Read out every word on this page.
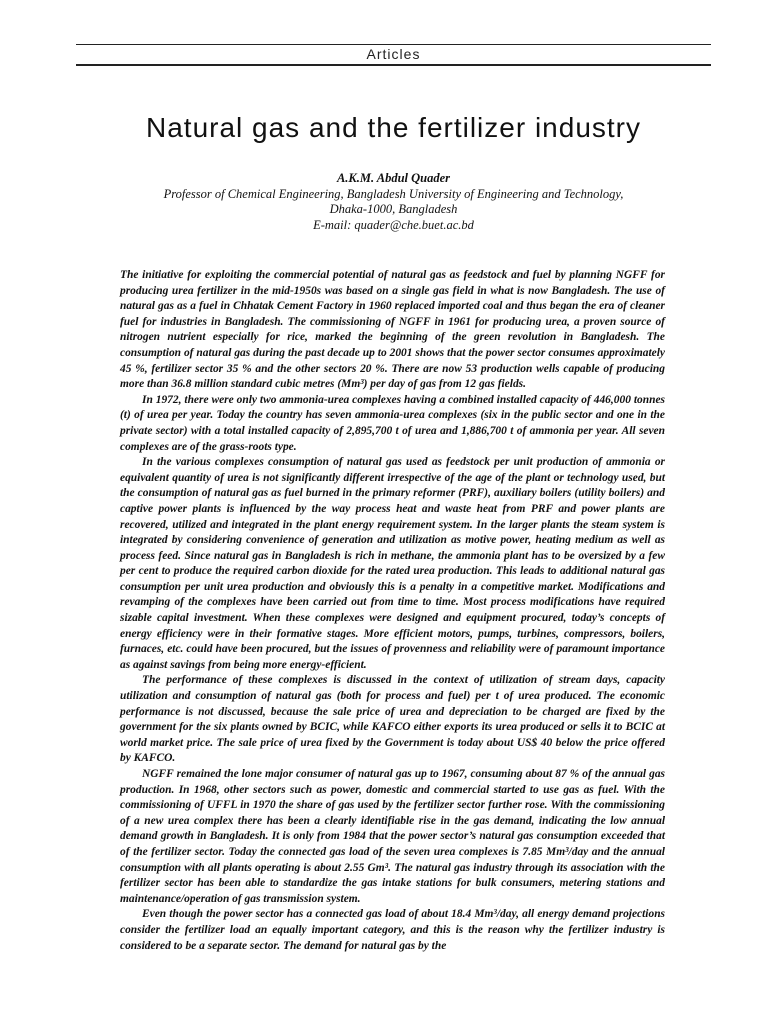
Articles
Natural gas and the fertilizer industry
A.K.M. Abdul Quader
Professor of Chemical Engineering, Bangladesh University of Engineering and Technology,
Dhaka-1000, Bangladesh
E-mail: quader@che.buet.ac.bd

The initiative for exploiting the commercial potential of natural gas as feedstock and fuel by planning NGFF for producing urea fertilizer in the mid-1950s was based on a single gas field in what is now Bangladesh. The use of natural gas as a fuel in Chhatak Cement Factory in 1960 replaced imported coal and thus began the era of cleaner fuel for industries in Bangladesh. The commissioning of NGFF in 1961 for producing urea, a proven source of nitrogen nutrient especially for rice, marked the beginning of the green revolution in Bangladesh. The consumption of natural gas during the past decade up to 2001 shows that the power sector consumes approximately 45 %, fertilizer sector 35 % and the other sectors 20 %. There are now 53 production wells capable of producing more than 36.8 million standard cubic metres (Mm³) per day of gas from 12 gas fields.

In 1972, there were only two ammonia-urea complexes having a combined installed capacity of 446,000 tonnes (t) of urea per year. Today the country has seven ammonia-urea complexes (six in the public sector and one in the private sector) with a total installed capacity of 2,895,700 t of urea and 1,886,700 t of ammonia per year. All seven complexes are of the grass-roots type.

In the various complexes consumption of natural gas used as feedstock per unit production of ammonia or equivalent quantity of urea is not significantly different irrespective of the age of the plant or technology used, but the consumption of natural gas as fuel burned in the primary reformer (PRF), auxiliary boilers (utility boilers) and captive power plants is influenced by the way process heat and waste heat from PRF and power plants are recovered, utilized and integrated in the plant energy requirement system. In the larger plants the steam system is integrated by considering convenience of generation and utilization as motive power, heating medium as well as process feed. Since natural gas in Bangladesh is rich in methane, the ammonia plant has to be oversized by a few per cent to produce the required carbon dioxide for the rated urea production. This leads to additional natural gas consumption per unit urea production and obviously this is a penalty in a competitive market. Modifications and revamping of the complexes have been carried out from time to time. Most process modifications have required sizable capital investment. When these complexes were designed and equipment procured, today’s concepts of energy efficiency were in their formative stages. More efficient motors, pumps, turbines, compressors, boilers, furnaces, etc. could have been procured, but the issues of provenness and reliability were of paramount importance as against savings from being more energy-efficient.

The performance of these complexes is discussed in the context of utilization of stream days, capacity utilization and consumption of natural gas (both for process and fuel) per t of urea produced. The economic performance is not discussed, because the sale price of urea and depreciation to be charged are fixed by the government for the six plants owned by BCIC, while KAFCO either exports its urea produced or sells it to BCIC at world market price. The sale price of urea fixed by the Government is today about US$ 40 below the price offered by KAFCO.

NGFF remained the lone major consumer of natural gas up to 1967, consuming about 87 % of the annual gas production. In 1968, other sectors such as power, domestic and commercial started to use gas as fuel. With the commissioning of UFFL in 1970 the share of gas used by the fertilizer sector further rose. With the commissioning of a new urea complex there has been a clearly identifiable rise in the gas demand, indicating the low annual demand growth in Bangladesh. It is only from 1984 that the power sector’s natural gas consumption exceeded that of the fertilizer sector. Today the connected gas load of the seven urea complexes is 7.85 Mm³/day and the annual consumption with all plants operating is about 2.55 Gm³. The natural gas industry through its association with the fertilizer sector has been able to standardize the gas intake stations for bulk consumers, metering stations and maintenance/operation of gas transmission system.

Even though the power sector has a connected gas load of about 18.4 Mm³/day, all energy demand projections consider the fertilizer load an equally important category, and this is the reason why the fertilizer industry is considered to be a separate sector. The demand for natural gas by the
